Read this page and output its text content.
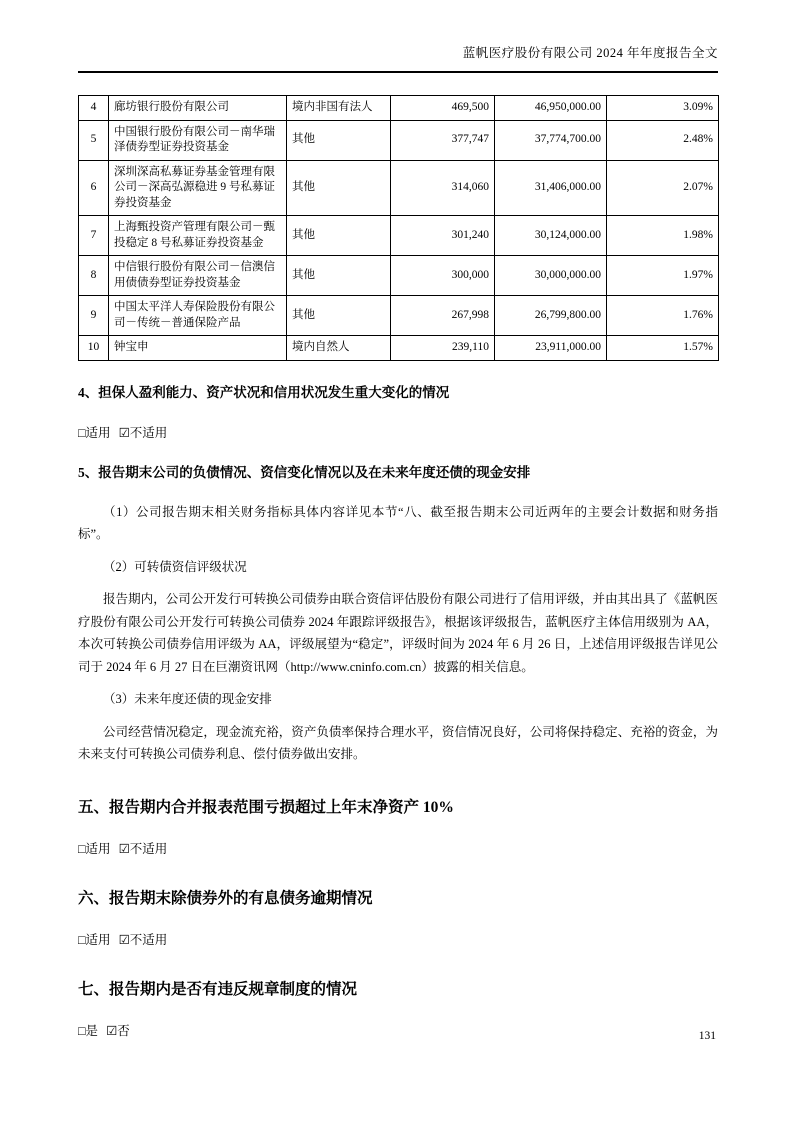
蓝帆医疗股份有限公司 2024 年年度报告全文
4	廊坊银行股份有限公司	境内非国有法人	469,500	46,950,000.00	3.09%
5	中国银行股份有限公司－南华瑞泽债券型证券投资基金	其他	377,747	37,774,700.00	2.48%
6	深圳深高私募证券基金管理有限公司－深高弘源稳进 9 号私募证券投资基金	其他	314,060	31,406,000.00	2.07%
7	上海甄投资产管理有限公司－甄投稳定 8 号私募证券投资基金	其他	301,240	30,124,000.00	1.98%
8	中信银行股份有限公司－信澳信用债债券型证券投资基金	其他	300,000	30,000,000.00	1.97%
9	中国太平洋人寿保险股份有限公司－传统－普通保险产品	其他	267,998	26,799,800.00	1.76%
10	钟宝申	境内自然人	239,110	23,911,000.00	1.57%
4、担保人盈利能力、资产状况和信用状况发生重大变化的情况
□适用 ☑不适用
5、报告期末公司的负债情况、资信变化情况以及在未来年度还债的现金安排
（1）公司报告期末相关财务指标具体内容详见本节“八、截至报告期末公司近两年的主要会计数据和财务指标”。
（2）可转债资信评级状况
报告期内，公司公开发行可转换公司债券由联合资信评估股份有限公司进行了信用评级，并由其出具了《蓝帆医疗股份有限公司公开发行可转换公司债券 2024 年跟踪评级报告》，根据该评级报告，蓝帆医疗主体信用级别为 AA，本次可转换公司债券信用评级为 AA，评级展望为“稳定”，评级时间为 2024 年 6 月 26 日，上述信用评级报告详见公司于 2024 年 6 月 27 日在巨潮资讯网（http://www.cninfo.com.cn）披露的相关信息。
（3）未来年度还债的现金安排
公司经营情况稳定，现金流充裕，资产负债率保持合理水平，资信情况良好，公司将保持稳定、充裕的资金，为未来支付可转换公司债券利息、偿付债券做出安排。
五、报告期内合并报表范围亏损超过上年末净资产 10%
□适用 ☑不适用
六、报告期末除债券外的有息债务逾期情况
□适用 ☑不适用
七、报告期内是否有违反规章制度的情况
□是 ☑否	131
